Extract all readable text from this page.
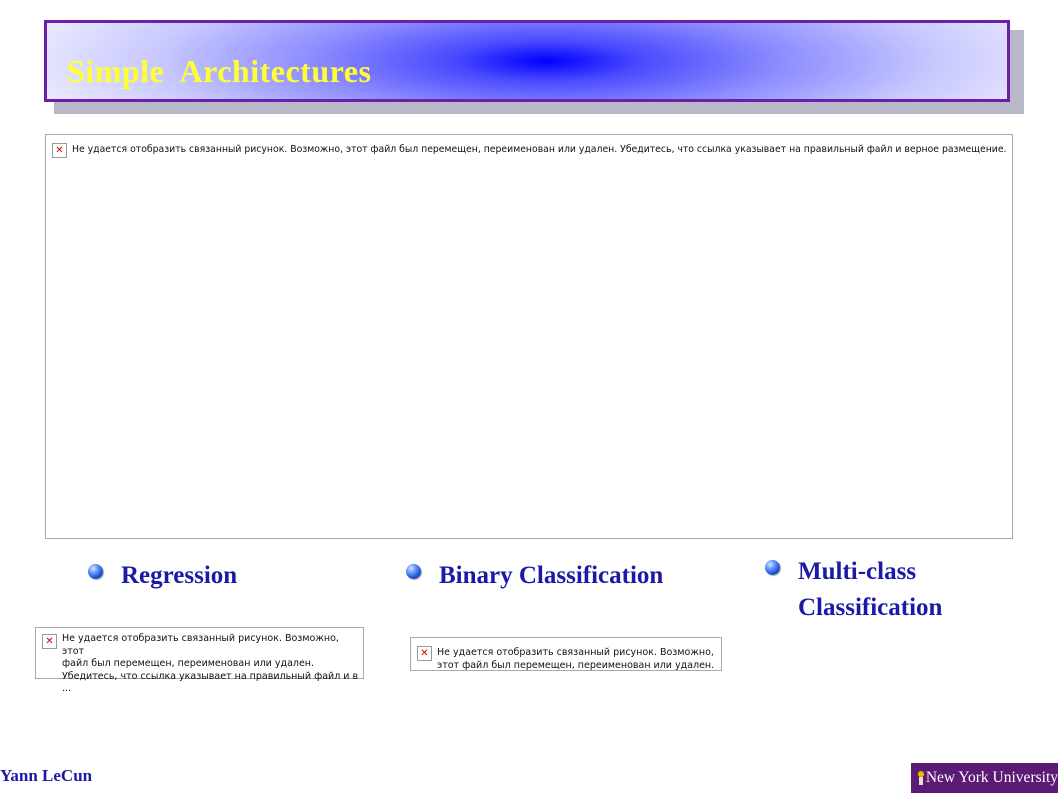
Simple  Architectures
✕
Не удается отобразить связанный рисунок. Возможно, этот файл был перемещен, переименован или удален. Убедитесь, что ссылка указывает на правильный файл и верное размещение.
Regression	Binary Classification	Multi-class
Classification
✕
Не удается отобразить связанный рисунок. Возможно, этот
файл был перемещен, переименован или удален.
Убедитесь, что ссылка указывает на правильный файл и в ...
✕
Не удается отобразить связанный рисунок. Возможно,
этот файл был перемещен, переименован или удален.
Yann LeCun	New York University
